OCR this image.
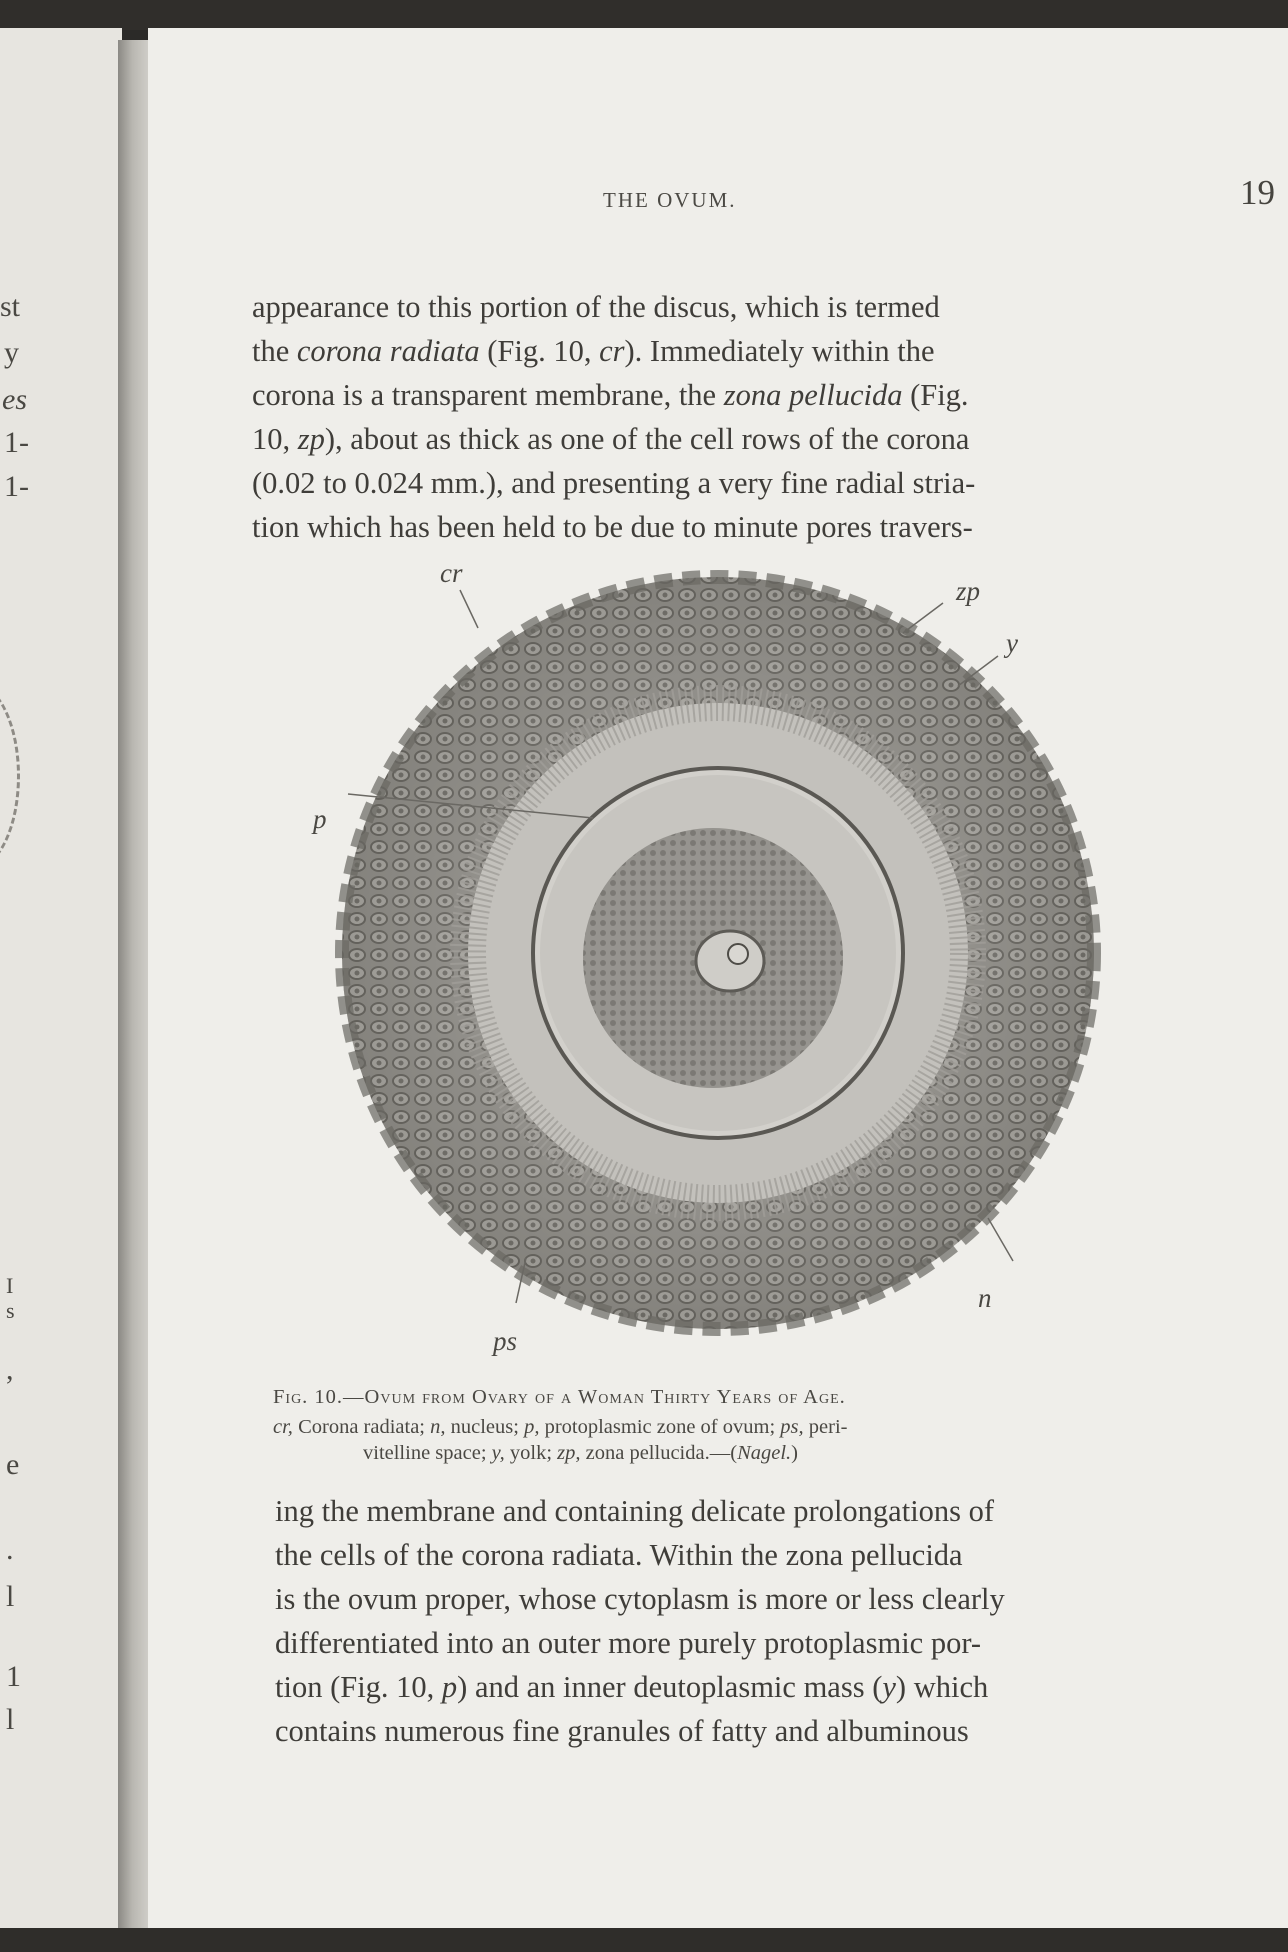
st
y
es
1-
1-
I
s
,
e
.
l
1
l
THE OVUM.	19
appearance to this portion of the discus, which is termed
the corona radiata (Fig. 10, cr). Immediately within the
corona is a transparent membrane, the zona pellucida (Fig.
10, zp), about as thick as one of the cell rows of the corona
(0.02 to 0.024 mm.), and presenting a very fine radial stria-
tion which has been held to be due to minute pores travers-
cr
zp
y
p
n
ps
Fig. 10.—Ovum from Ovary of a Woman Thirty Years of Age.
cr, Corona radiata; n, nucleus; p, protoplasmic zone of ovum; ps, peri-
vitelline space; y, yolk; zp, zona pellucida.—(Nagel.)
ing the membrane and containing delicate prolongations of
the cells of the corona radiata. Within the zona pellucida
is the ovum proper, whose cytoplasm is more or less clearly
differentiated into an outer more purely protoplasmic por-
tion (Fig. 10, p) and an inner deutoplasmic mass (y) which
contains numerous fine granules of fatty and albuminous
